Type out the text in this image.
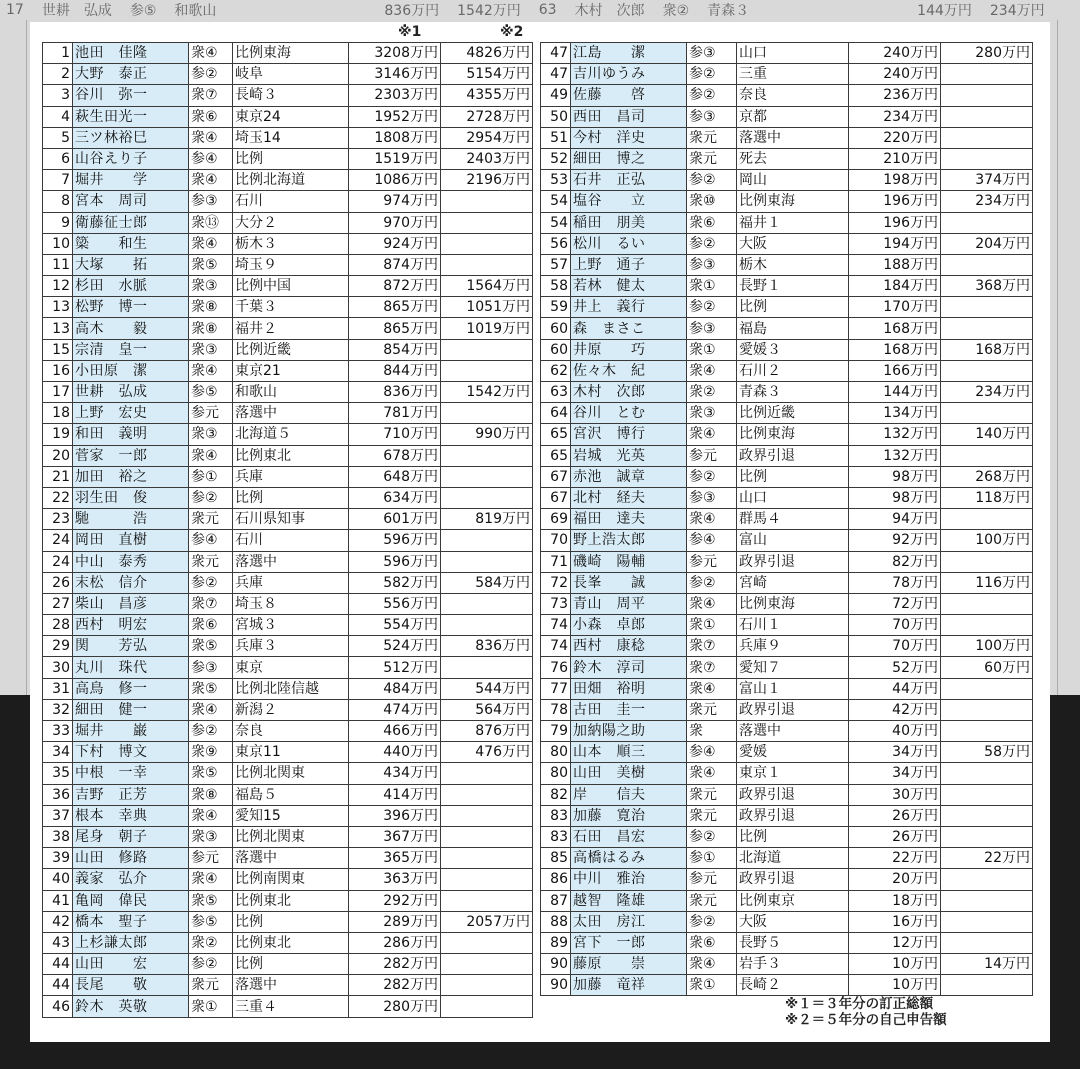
17 世耕　弘成 参⑤ 和歌山	836万円 1542万円 63 木村　次郎 衆② 青森３	144万円 234万円
※1	※2
1	池田　佳隆	衆④	比例東海	3208万円	4826万円
2	大野　泰正	参②	岐阜	3146万円	5154万円
3	谷川　弥一	衆⑦	長崎３	2303万円	4355万円
4	萩生田光一	衆⑥	東京24	1952万円	2728万円
5	三ツ林裕巳	衆④	埼玉14	1808万円	2954万円
6	山谷えり子	参④	比例	1519万円	2403万円
7	堀井　　学	衆④	比例北海道	1086万円	2196万円
8	宮本　周司	参③	石川	974万円	
9	衛藤征士郎	衆⑬	大分２	970万円	
10	簗　　和生	衆④	栃木３	924万円	
11	大塚　　拓	衆⑤	埼玉９	874万円	
12	杉田　水脈	衆③	比例中国	872万円	1564万円
13	松野　博一	衆⑧	千葉３	865万円	1051万円
13	高木　　毅	衆⑧	福井２	865万円	1019万円
15	宗清　皇一	衆③	比例近畿	854万円	
16	小田原　潔	衆④	東京21	844万円	
17	世耕　弘成	参⑤	和歌山	836万円	1542万円
18	上野　宏史	参元	落選中	781万円	
19	和田　義明	衆③	北海道５	710万円	990万円
20	菅家　一郎	衆④	比例東北	678万円	
21	加田　裕之	参①	兵庫	648万円	
22	羽生田　俊	参②	比例	634万円	
23	馳　　　浩	衆元	石川県知事	601万円	819万円
24	岡田　直樹	参④	石川	596万円	
24	中山　泰秀	衆元	落選中	596万円	
26	末松　信介	参②	兵庫	582万円	584万円
27	柴山　昌彦	衆⑦	埼玉８	556万円	
28	西村　明宏	衆⑥	宮城３	554万円	
29	関　　芳弘	衆⑤	兵庫３	524万円	836万円
30	丸川　珠代	参③	東京	512万円	
31	高鳥　修一	衆⑤	比例北陸信越	484万円	544万円
32	細田　健一	衆④	新潟２	474万円	564万円
33	堀井　　巌	参②	奈良	466万円	876万円
34	下村　博文	衆⑨	東京11	440万円	476万円
35	中根　一幸	衆⑤	比例北関東	434万円	
36	吉野　正芳	衆⑧	福島５	414万円	
37	根本　幸典	衆④	愛知15	396万円	
38	尾身　朝子	衆③	比例北関東	367万円	
39	山田　修路	参元	落選中	365万円	
40	義家　弘介	衆④	比例南関東	363万円	
41	亀岡　偉民	衆⑤	比例東北	292万円	
42	橋本　聖子	参⑤	比例	289万円	2057万円
43	上杉謙太郎	衆②	比例東北	286万円	
44	山田　　宏	参②	比例	282万円	
44	長尾　　敬	衆元	落選中	282万円	
46	鈴木　英敬	衆①	三重４	280万円	
47	江島　　潔	参③	山口	240万円	280万円
47	吉川ゆうみ	参②	三重	240万円	
49	佐藤　　啓	参②	奈良	236万円	
50	西田　昌司	参③	京都	234万円	
51	今村　洋史	衆元	落選中	220万円	
52	細田　博之	衆元	死去	210万円	
53	石井　正弘	参②	岡山	198万円	374万円
54	塩谷　　立	衆⑩	比例東海	196万円	234万円
54	稲田　朋美	衆⑥	福井１	196万円	
56	松川　るい	参②	大阪	194万円	204万円
57	上野　通子	参③	栃木	188万円	
58	若林　健太	衆①	長野１	184万円	368万円
59	井上　義行	参②	比例	170万円	
60	森　まさこ	参③	福島	168万円	
60	井原　　巧	衆①	愛媛３	168万円	168万円
62	佐々木　紀	衆④	石川２	166万円	
63	木村　次郎	衆②	青森３	144万円	234万円
64	谷川　とむ	衆③	比例近畿	134万円	
65	宮沢　博行	衆④	比例東海	132万円	140万円
65	岩城　光英	参元	政界引退	132万円	
67	赤池　誠章	参②	比例	98万円	268万円
67	北村　経夫	参③	山口	98万円	118万円
69	福田　達夫	衆④	群馬４	94万円	
70	野上浩太郎	参④	富山	92万円	100万円
71	磯崎　陽輔	参元	政界引退	82万円	
72	長峯　　誠	参②	宮崎	78万円	116万円
73	青山　周平	衆④	比例東海	72万円	
74	小森　卓郎	衆①	石川１	70万円	
74	西村　康稔	衆⑦	兵庫９	70万円	100万円
76	鈴木　淳司	衆⑦	愛知７	52万円	60万円
77	田畑　裕明	衆④	富山１	44万円	
78	古田　圭一	衆元	政界引退	42万円	
79	加納陽之助	衆	落選中	40万円	
80	山本　順三	参④	愛媛	34万円	58万円
80	山田　美樹	衆④	東京１	34万円	
82	岸　　信夫	衆元	政界引退	30万円	
83	加藤　寛治	衆元	政界引退	26万円	
83	石田　昌宏	参②	比例	26万円	
85	高橋はるみ	参①	北海道	22万円	22万円
86	中川　雅治	参元	政界引退	20万円	
87	越智　隆雄	衆元	比例東京	18万円	
88	太田　房江	参②	大阪	16万円	
89	宮下　一郎	衆⑥	長野５	12万円	
90	藤原　　崇	衆④	岩手３	10万円	14万円
90	加藤　竜祥	衆①	長崎２	10万円	
※１＝３年分の訂正総額
※２＝５年分の自己申告額
